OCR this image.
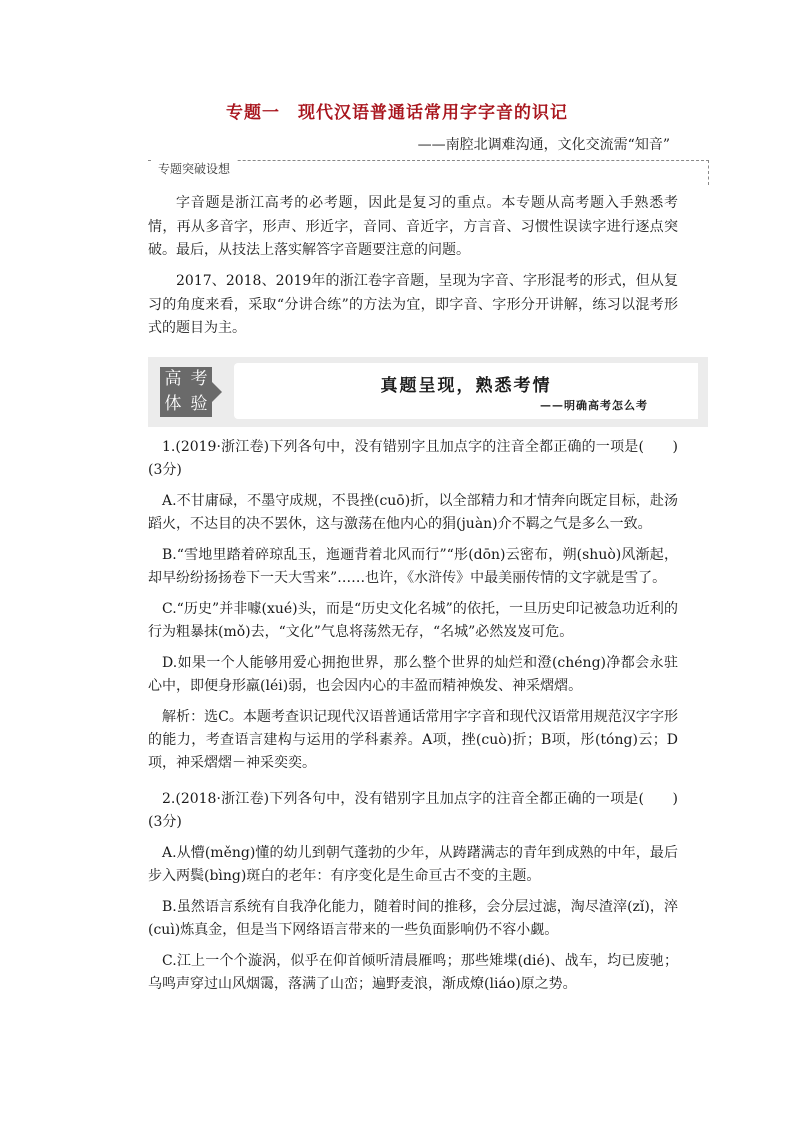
专题一　现代汉语普通话常用字字音的识记
——南腔北调难沟通，文化交流需“知音”
专题突破设想
字音题是浙江高考的必考题，因此是复习的重点。本专题从高考题入手熟悉考情，再从多音字，形声、形近字，音同、音近字，方言音、习惯性误读字进行逐点突破。最后，从技法上落实解答字音题要注意的问题。
2017、2018、2019年的浙江卷字音题，呈现为字音、字形混考的形式，但从复习的角度来看，采取“分讲合练”的方法为宜，即字音、字形分开讲解，练习以混考形式的题目为主。
高 考
体 验
真题呈现，熟悉考情
——明确高考怎么考
1.(2019·浙江卷)下列各句中，没有错别字且加点字的注音全都正确的一项是(　　)(3分)
A.不甘庸碌，不墨守成规，不畏挫(cuō)折，以全部精力和才情奔向既定目标，赴汤蹈火，不达目的决不罢休，这与激荡在他内心的狷(juàn)介不羁之气是多么一致。
B.“雪地里踏着碎琼乱玉，迤逦背着北风而行”“彤(dōn)云密布，朔(shuò)风渐起，却早纷纷扬扬卷下一天大雪来”……也许，《水浒传》中最美丽传情的文字就是雪了。
C.“历史”并非噱(xué)头，而是“历史文化名城”的依托，一旦历史印记被急功近利的行为粗暴抹(mǒ)去，“文化”气息将荡然无存，“名城”必然岌岌可危。
D.如果一个人能够用爱心拥抱世界，那么整个世界的灿烂和澄(chéng)净都会永驻心中，即便身形羸(léi)弱，也会因内心的丰盈而精神焕发、神采熠熠。
解析：选C。本题考查识记现代汉语普通话常用字字音和现代汉语常用规范汉字字形的能力，考查语言建构与运用的学科素养。A项，挫(cuò)折；B项，彤(tóng)云；D项，神采熠熠－神采奕奕。
2.(2018·浙江卷)下列各句中，没有错别字且加点字的注音全都正确的一项是(　　)(3分)
A.从懵(měng)懂的幼儿到朝气蓬勃的少年，从踌躇满志的青年到成熟的中年，最后步入两鬓(bìng)斑白的老年：有序变化是生命亘古不变的主题。
B.虽然语言系统有自我净化能力，随着时间的推移，会分层过滤，淘尽渣滓(zǐ)，淬(cuì)炼真金，但是当下网络语言带来的一些负面影响仍不容小觑。
C.江上一个个漩涡，似乎在仰首倾听清晨雁鸣；那些雉堞(dié)、战车，均已废驰；乌鸣声穿过山风烟霭，落满了山峦；遍野麦浪，渐成燎(liáo)原之势。
